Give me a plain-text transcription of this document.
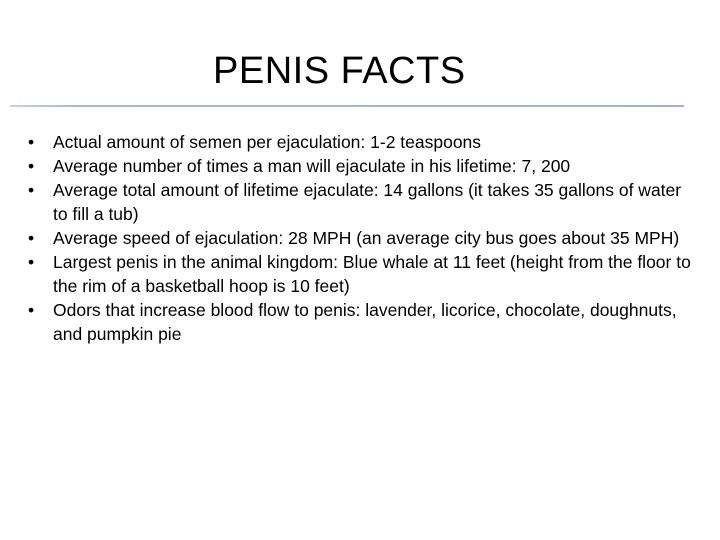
PENIS FACTS
• Actual amount of semen per ejaculation: 1-2 teaspoons
• Average number of times a man will ejaculate in his lifetime: 7, 200
• Average total amount of lifetime ejaculate: 14 gallons (it takes 35 gallons of water to fill a tub)
• Average speed of ejaculation: 28 MPH (an average city bus goes about 35 MPH)
• Largest penis in the animal kingdom: Blue whale at 11 feet (height from the floor to the rim of a basketball hoop is 10 feet)
• Odors that increase blood flow to penis: lavender, licorice, chocolate, doughnuts, and pumpkin pie
